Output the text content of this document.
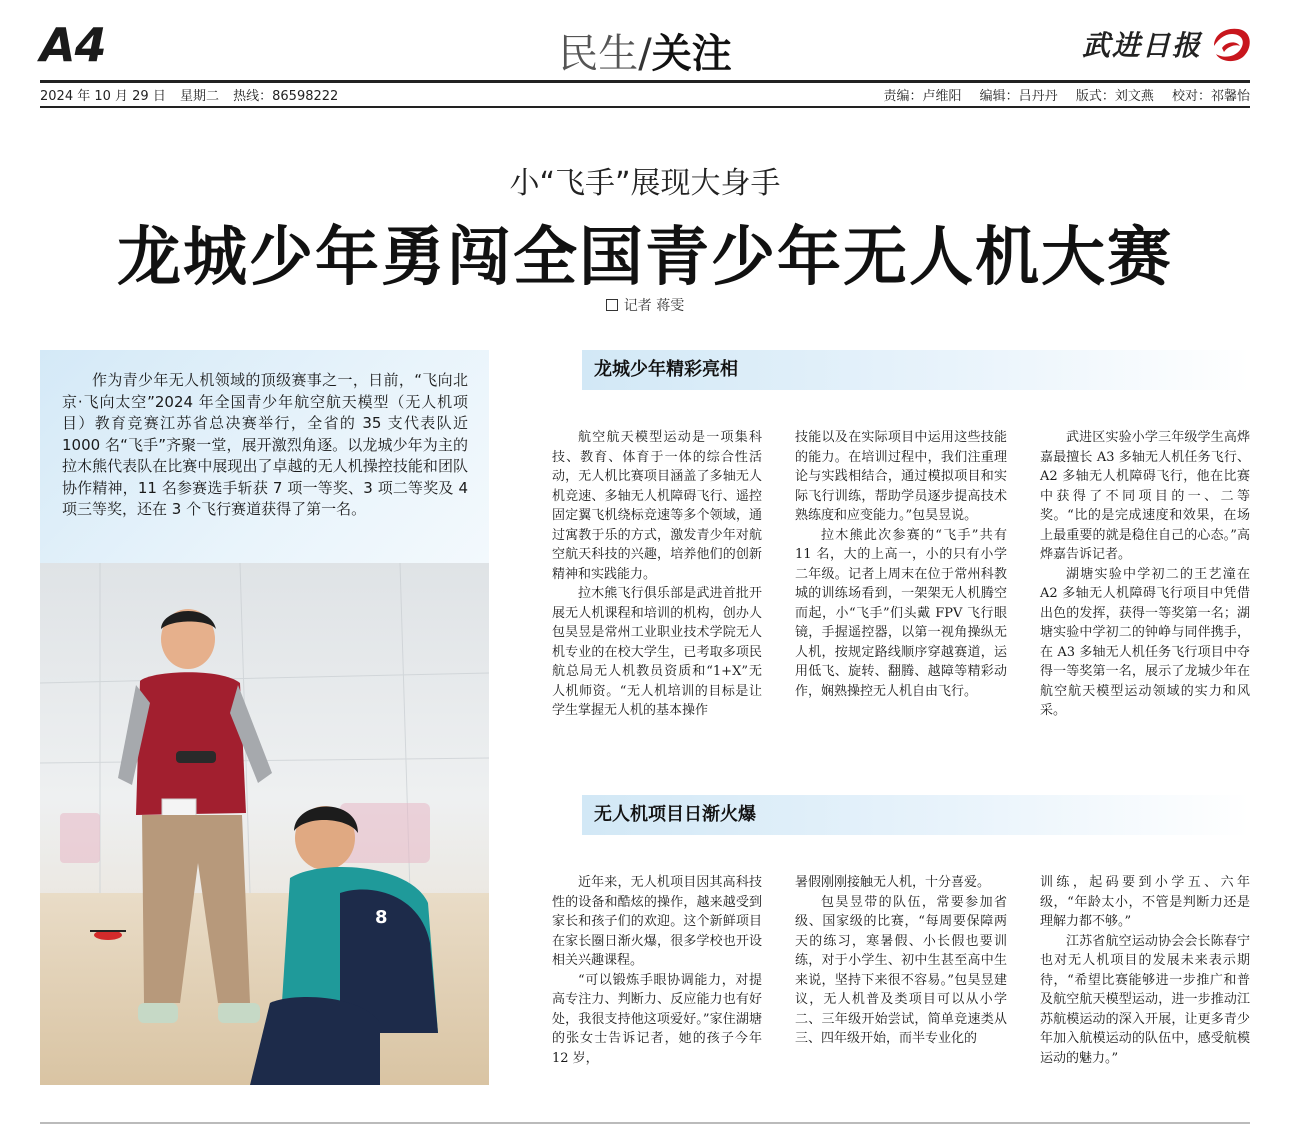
A4	民生/关注	武进日报
2024 年 10 月 29 日 星期二 热线：86598222	责编：卢维阳 编辑：吕丹丹 版式：刘文燕 校对：祁馨怡
小“飞手”展现大身手
龙城少年勇闯全国青少年无人机大赛
记者 蒋雯
作为青少年无人机领域的顶级赛事之一，日前，“飞向北京·飞向太空”2024 年全国青少年航空航天模型（无人机项目）教育竞赛江苏省总决赛举行，全省的 35 支代表队近 1000 名“飞手”齐聚一堂，展开激烈角逐。以龙城少年为主的拉木熊代表队在比赛中展现出了卓越的无人机操控技能和团队协作精神，11 名参赛选手斩获 7 项一等奖、3 项二等奖及 4 项三等奖，还在 3 个飞行赛道获得了第一名。
8
龙城少年精彩亮相

航空航天模型运动是一项集科技、教育、体育于一体的综合性活动，无人机比赛项目涵盖了多轴无人机竞速、多轴无人机障碍飞行、遥控固定翼飞机绕标竞速等多个领域，通过寓教于乐的方式，激发青少年对航空航天科技的兴趣，培养他们的创新精神和实践能力。

拉木熊飞行俱乐部是武进首批开展无人机课程和培训的机构，创办人包昊昱是常州工业职业技术学院无人机专业的在校大学生，已考取多项民航总局无人机教员资质和“1+X”无人机师资。“无人机培训的目标是让学生掌握无人机的基本操作

技能以及在实际项目中运用这些技能的能力。在培训过程中，我们注重理论与实践相结合，通过模拟项目和实际飞行训练，帮助学员逐步提高技术熟练度和应变能力。”包昊昱说。

拉木熊此次参赛的“飞手”共有 11 名，大的上高一，小的只有小学二年级。记者上周末在位于常州科教城的训练场看到，一架架无人机腾空而起，小“飞手”们头戴 FPV 飞行眼镜，手握遥控器，以第一视角操纵无人机，按规定路线顺序穿越赛道，运用低飞、旋转、翻腾、越障等精彩动作，娴熟操控无人机自由飞行。

武进区实验小学三年级学生高烨嘉最擅长 A3 多轴无人机任务飞行、A2 多轴无人机障碍飞行，他在比赛中获得了不同项目的一、二等奖。“比的是完成速度和效果，在场上最重要的就是稳住自己的心态。”高烨嘉告诉记者。

湖塘实验中学初二的王艺潼在 A2 多轴无人机障碍飞行项目中凭借出色的发挥，获得一等奖第一名；湖塘实验中学初二的钟峥与同伴携手，在 A3 多轴无人机任务飞行项目中夺得一等奖第一名，展示了龙城少年在航空航天模型运动领域的实力和风采。

无人机项目日渐火爆

近年来，无人机项目因其高科技性的设备和酷炫的操作，越来越受到家长和孩子们的欢迎。这个新鲜项目在家长圈日渐火爆，很多学校也开设相关兴趣课程。

“可以锻炼手眼协调能力，对提高专注力、判断力、反应能力也有好处，我很支持他这项爱好。”家住湖塘的张女士告诉记者，她的孩子今年 12 岁，

暑假刚刚接触无人机，十分喜爱。

包昊昱带的队伍，常要参加省级、国家级的比赛，“每周要保障两天的练习，寒暑假、小长假也要训练，对于小学生、初中生甚至高中生来说，坚持下来很不容易。”包昊昱建议，无人机普及类项目可以从小学二、三年级开始尝试，简单竞速类从三、四年级开始，而半专业化的

训练，起码要到小学五、六年级，“年龄太小，不管是判断力还是理解力都不够。”

江苏省航空运动协会会长陈春宁也对无人机项目的发展未来表示期待，“希望比赛能够进一步推广和普及航空航天模型运动，进一步推动江苏航模运动的深入开展，让更多青少年加入航模运动的队伍中，感受航模运动的魅力。”
